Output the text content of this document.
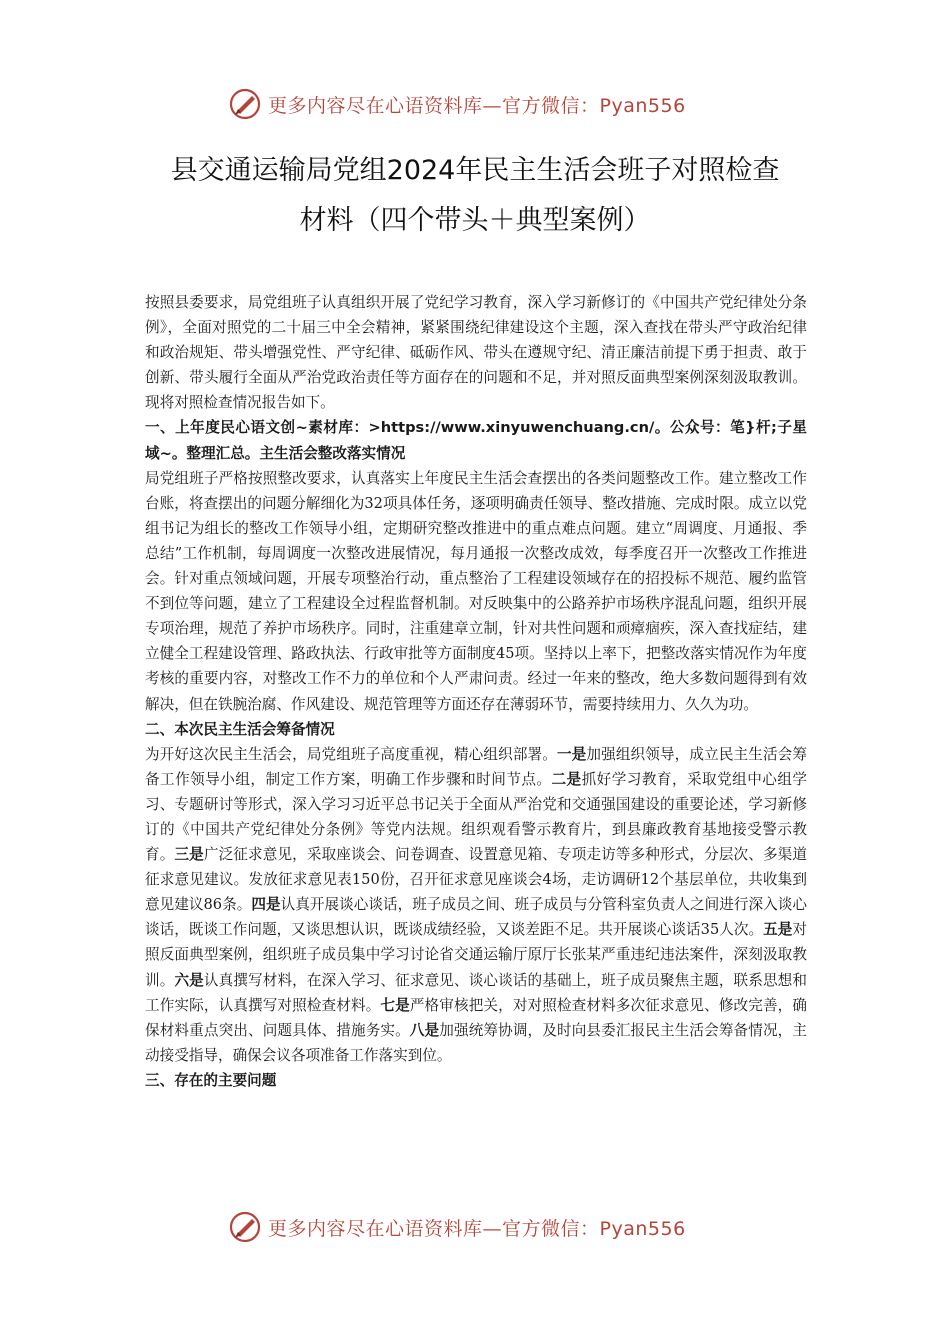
更多内容尽在心语资料库—官方微信：Pyan556
县交通运输局党组2024年民主生活会班子对照检查
材料（四个带头＋典型案例）

按照县委要求，局党组班子认真组织开展了党纪学习教育，深入学习新修订的《中国共产党纪律处分条例》，全面对照党的二十届三中全会精神，紧紧围绕纪律建设这个主题，深入查找在带头严守政治纪律和政治规矩、带头增强党性、严守纪律、砥砺作风、带头在遵规守纪、清正廉洁前提下勇于担责、敢于创新、带头履行全面从严治党政治责任等方面存在的问题和不足，并对照反面典型案例深刻汲取教训。现将对照检查情况报告如下。

一、上年度民心语文创~素材库：>https://www.xinyuwenchuang.cn/。公众号：笔}杆;子星域~。整理汇总。主生活会整改落实情况

局党组班子严格按照整改要求，认真落实上年度民主生活会查摆出的各类问题整改工作。建立整改工作台账，将查摆出的问题分解细化为32项具体任务，逐项明确责任领导、整改措施、完成时限。成立以党组书记为组长的整改工作领导小组，定期研究整改推进中的重点难点问题。建立“周调度、月通报、季总结”工作机制，每周调度一次整改进展情况，每月通报一次整改成效，每季度召开一次整改工作推进会。针对重点领域问题，开展专项整治行动，重点整治了工程建设领域存在的招投标不规范、履约监管不到位等问题，建立了工程建设全过程监督机制。对反映集中的公路养护市场秩序混乱问题，组织开展专项治理，规范了养护市场秩序。同时，注重建章立制，针对共性问题和顽瘴痼疾，深入查找症结，建立健全工程建设管理、路政执法、行政审批等方面制度45项。坚持以上率下，把整改落实情况作为年度考核的重要内容，对整改工作不力的单位和个人严肃问责。经过一年来的整改，绝大多数问题得到有效解决，但在铁腕治腐、作风建设、规范管理等方面还存在薄弱环节，需要持续用力、久久为功。

二、本次民主生活会筹备情况

为开好这次民主生活会，局党组班子高度重视，精心组织部署。一是加强组织领导，成立民主生活会筹备工作领导小组，制定工作方案，明确工作步骤和时间节点。二是抓好学习教育，采取党组中心组学习、专题研讨等形式，深入学习习近平总书记关于全面从严治党和交通强国建设的重要论述，学习新修订的《中国共产党纪律处分条例》等党内法规。组织观看警示教育片，到县廉政教育基地接受警示教育。三是广泛征求意见，采取座谈会、问卷调查、设置意见箱、专项走访等多种形式，分层次、多渠道征求意见建议。发放征求意见表150份，召开征求意见座谈会4场，走访调研12个基层单位，共收集到意见建议86条。四是认真开展谈心谈话，班子成员之间、班子成员与分管科室负责人之间进行深入谈心谈话，既谈工作问题，又谈思想认识，既谈成绩经验，又谈差距不足。共开展谈心谈话35人次。五是对照反面典型案例，组织班子成员集中学习讨论省交通运输厅原厅长张某严重违纪违法案件，深刻汲取教训。六是认真撰写材料，在深入学习、征求意见、谈心谈话的基础上，班子成员聚焦主题，联系思想和工作实际，认真撰写对照检查材料。七是严格审核把关，对对照检查材料多次征求意见、修改完善，确保材料重点突出、问题具体、措施务实。八是加强统筹协调，及时向县委汇报民主生活会筹备情况，主动接受指导，确保会议各项准备工作落实到位。

三、存在的主要问题
更多内容尽在心语资料库—官方微信：Pyan556
